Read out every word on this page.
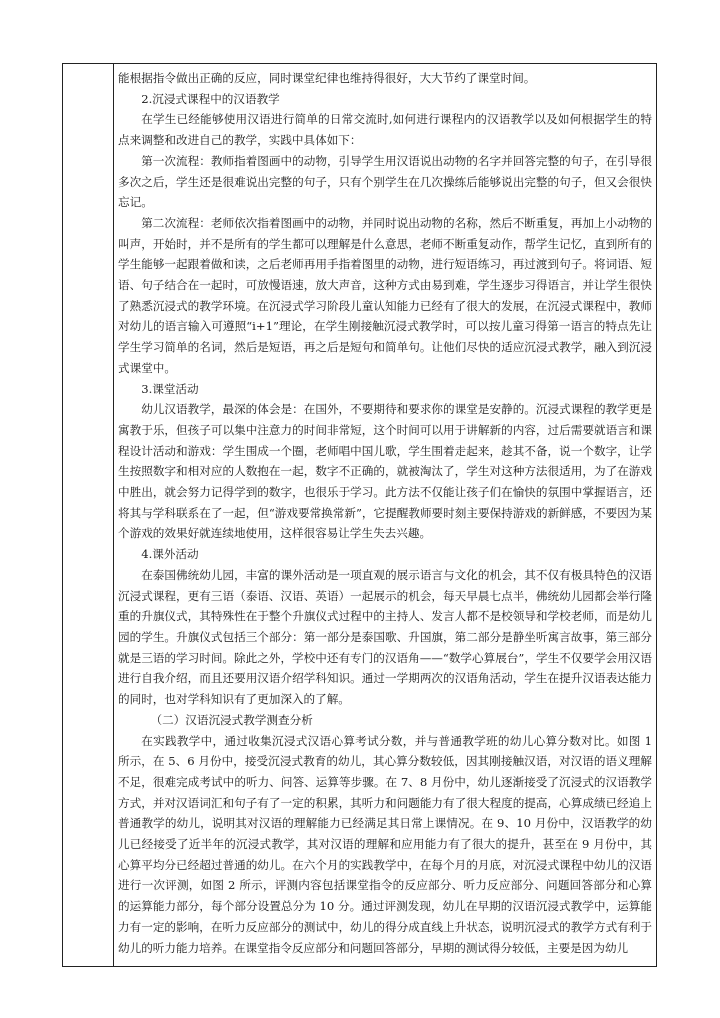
能根据指令做出正确的反应，同时课堂纪律也维持得很好，大大节约了课堂时间。

2.沉浸式课程中的汉语教学

在学生已经能够使用汉语进行简单的日常交流时,如何进行课程内的汉语教学以及如何根据学生的特点来调整和改进自己的教学，实践中具体如下：

第一次流程：教师指着图画中的动物，引导学生用汉语说出动物的名字并回答完整的句子，在引导很多次之后，学生还是很难说出完整的句子，只有个别学生在几次操练后能够说出完整的句子，但又会很快忘记。

第二次流程：老师依次指着图画中的动物，并同时说出动物的名称，然后不断重复，再加上小动物的叫声，开始时，并不是所有的学生都可以理解是什么意思，老师不断重复动作，帮学生记忆，直到所有的学生能够一起跟着做和读，之后老师再用手指着图里的动物，进行短语练习，再过渡到句子。将词语、短语、句子结合在一起时，可放慢语速，放大声音，这种方式由易到难，学生逐步习得语言，并让学生很快了熟悉沉浸式的教学环境。在沉浸式学习阶段儿童认知能力已经有了很大的发展，在沉浸式课程中，教师对幼儿的语言输入可遵照“i+1”理论，在学生刚接触沉浸式教学时，可以按儿童习得第一语言的特点先让学生学习简单的名词，然后是短语，再之后是短句和简单句。让他们尽快的适应沉浸式教学，融入到沉浸式课堂中。

3.课堂活动

幼儿汉语教学，最深的体会是：在国外，不要期待和要求你的课堂是安静的。沉浸式课程的教学更是寓教于乐，但孩子可以集中注意力的时间非常短，这个时间可以用于讲解新的内容，过后需要就语言和课程设计活动和游戏：学生围成一个圈，老师唱中国儿歌，学生围着走起来，趁其不备，说一个数字，让学生按照数字和相对应的人数抱在一起，数字不正确的，就被淘汰了，学生对这种方法很适用，为了在游戏中胜出，就会努力记得学到的数字，也很乐于学习。此方法不仅能让孩子们在愉快的氛围中掌握语言，还将其与学科联系在了一起，但“游戏要常换常新”，它提醒教师要时刻主要保持游戏的新鲜感，不要因为某个游戏的效果好就连续地使用，这样很容易让学生失去兴趣。

4.课外活动

在泰国佛统幼儿园，丰富的课外活动是一项直观的展示语言与文化的机会，其不仅有极具特色的汉语沉浸式课程，更有三语（泰语、汉语、英语）一起展示的机会，每天早晨七点半，佛统幼儿园都会举行隆重的升旗仪式，其特殊性在于整个升旗仪式过程中的主持人、发言人都不是校领导和学校老师，而是幼儿园的学生。升旗仪式包括三个部分：第一部分是泰国歌、升国旗，第二部分是静坐听寓言故事，第三部分就是三语的学习时间。除此之外，学校中还有专门的汉语角——“数学心算展台”，学生不仅要学会用汉语进行自我介绍，而且还要用汉语介绍学科知识。通过一学期两次的汉语角活动，学生在提升汉语表达能力的同时，也对学科知识有了更加深入的了解。

（二）汉语沉浸式教学测查分析

在实践教学中，通过收集沉浸式汉语心算考试分数，并与普通教学班的幼儿心算分数对比。如图 1 所示，在 5、6 月份中，接受沉浸式教育的幼儿，其心算分数较低，因其刚接触汉语，对汉语的语义理解不足，很难完成考试中的听力、问答、运算等步骤。在 7、8 月份中，幼儿逐渐接受了沉浸式的汉语教学方式，并对汉语词汇和句子有了一定的积累，其听力和问题能力有了很大程度的提高，心算成绩已经追上普通教学的幼儿，说明其对汉语的理解能力已经满足其日常上课情况。在 9、10 月份中，汉语教学的幼儿已经接受了近半年的沉浸式教学，其对汉语的理解和应用能力有了很大的提升，甚至在 9 月份中，其心算平均分已经超过普通的幼儿。在六个月的实践教学中，在每个月的月底，对沉浸式课程中幼儿的汉语进行一次评测，如图 2 所示，评测内容包括课堂指令的反应部分、听力反应部分、问题回答部分和心算的运算能力部分，每个部分设置总分为 10 分。通过评测发现，幼儿在早期的汉语沉浸式教学中，运算能力有一定的影响，在听力反应部分的测试中，幼儿的得分成直线上升状态，说明沉浸式的教学方式有利于幼儿的听力能力培养。在课堂指令反应部分和问题回答部分，早期的测试得分较低，主要是因为幼儿
